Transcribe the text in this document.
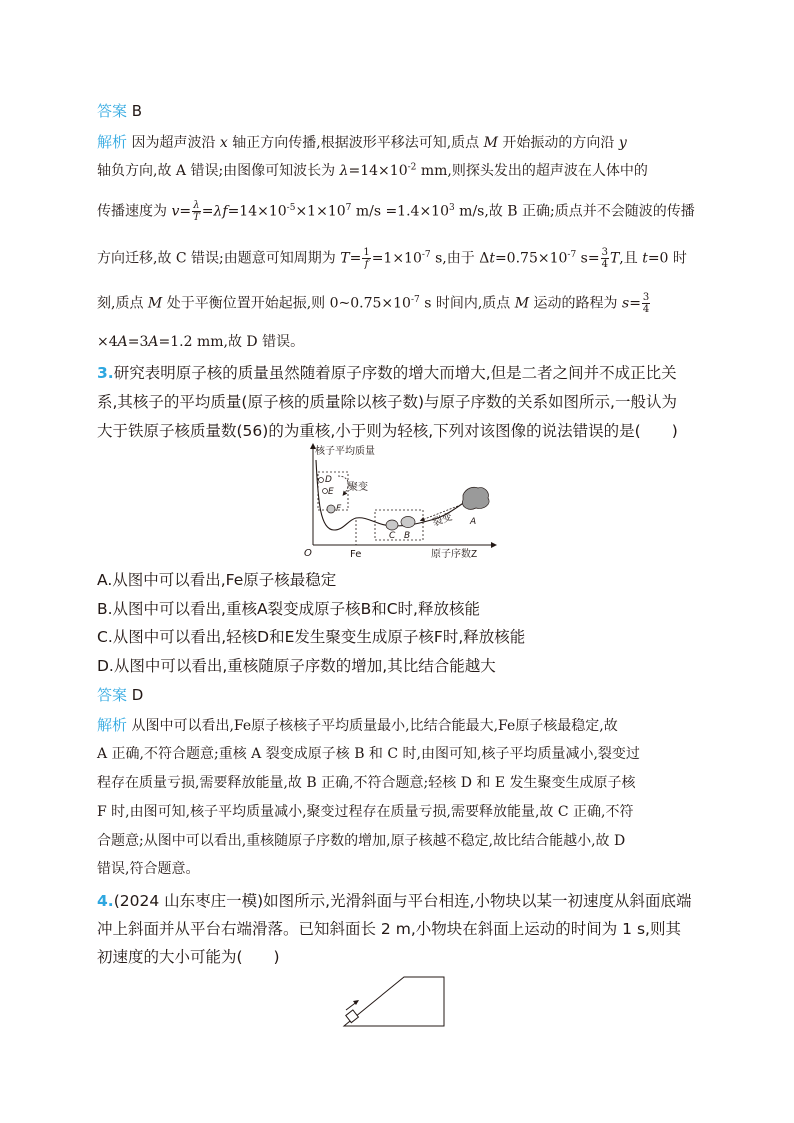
答案 B
解析 因为超声波沿 x 轴正方向传播,根据波形平移法可知,质点 M 开始振动的方向沿 y
轴负方向,故 A 错误;由图像可知波长为 $\lambda=14\times 10^{-2}$ mm,则探头发出的超声波在人体中的
传播速度为 $v= \frac{\lambda}{T} =\lambda f=14\times 10^{-5}\times 1\times 10^7$ $m/s =1.4\times 10^3$ m/s,故 B 正确;质点并不会随波的传播
方向迁移,故 C 错误;由题意可知周期为 $T= \frac{1}{f} =1\times 10^{-7}$ s,由于 $\Delta t=0.75\times 10^{-7}$ $s= \frac{3}{4} T$,且 t=0 时
刻,质点 M 处于平衡位置开始起振,则 $0\sim 0.75\times 10^{-7}$ s 时间内,质点 M 运动的路程为 $s= \frac{3}{4}$
×4A=3A=1.2 mm,故 D 错误。
3.研究表明原子核的质量虽然随着原子序数的增大而增大,但是二者之间并不成正比关
系,其核子的平均质量(原子核的质量除以核子数)与原子序数的关系如图所示,一般认为
大于铁原子核质量数(56)的为重核,小于则为轻核,下列对该图像的说法错误的是(　　)
核子平均质量
原子序数Z
O	Fe
D
E
F
聚变
C B
A
裂变
A.从图中可以看出,Fe原子核最稳定
B.从图中可以看出,重核A裂变成原子核B和C时,释放核能
C.从图中可以看出,轻核D和E发生聚变生成原子核F时,释放核能
D.从图中可以看出,重核随原子序数的增加,其比结合能越大
答案 D
解析 从图中可以看出,Fe原子核核子平均质量最小,比结合能最大,Fe原子核最稳定,故
A 正确,不符合题意;重核 A 裂变成原子核 B 和 C 时,由图可知,核子平均质量减小,裂变过
程存在质量亏损,需要释放能量,故 B 正确,不符合题意;轻核 D 和 E 发生聚变生成原子核
F 时,由图可知,核子平均质量减小,聚变过程存在质量亏损,需要释放能量,故 C 正确,不符
合题意;从图中可以看出,重核随原子序数的增加,原子核越不稳定,故比结合能越小,故 D
错误,符合题意。
4.(2024 山东枣庄一模)如图所示,光滑斜面与平台相连,小物块以某一初速度从斜面底端
冲上斜面并从平台右端滑落。已知斜面长 2 m,小物块在斜面上运动的时间为 1 s,则其
初速度的大小可能为(　　)
